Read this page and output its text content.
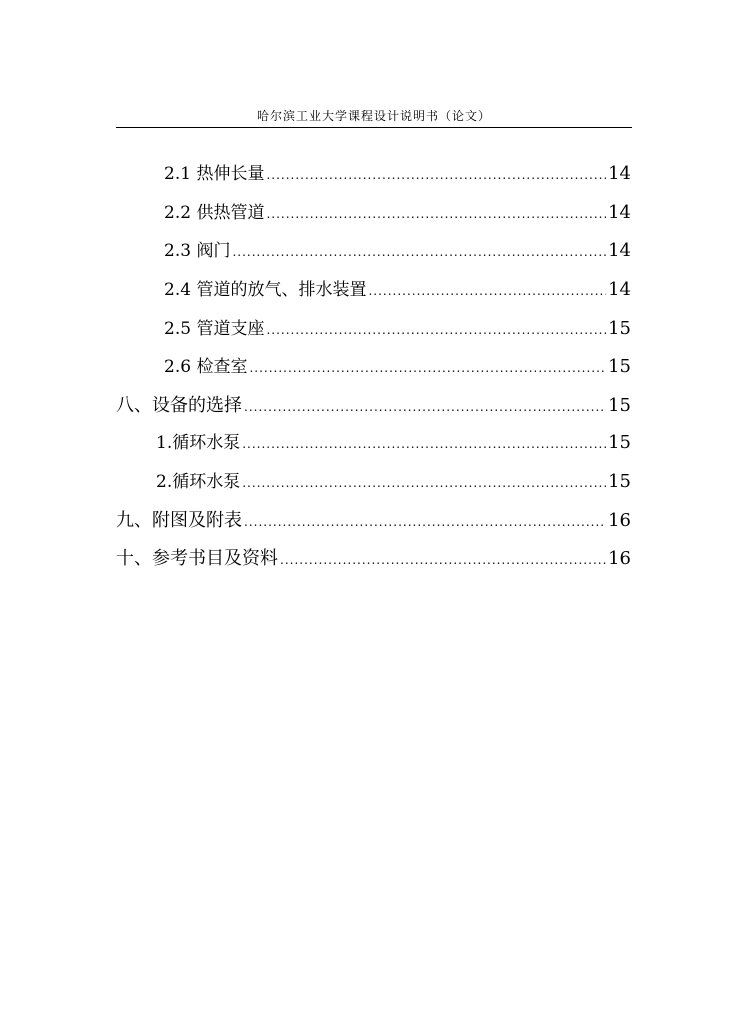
哈尔滨工业大学课程设计说明书（论文）
2.1 热伸长量 .....	14
2.2 供热管道 .....	14
2.3 阀门 .....	14
2.4 管道的放气、排水装置 .....	14
2.5 管道支座 .....	15
2.6 检查室 .....	15
八、设备的选择 .....	15
1.循环水泵 .....	15
2.循环水泵 .....	15
九、附图及附表 .....	16
十、参考书目及资料 .....	16
